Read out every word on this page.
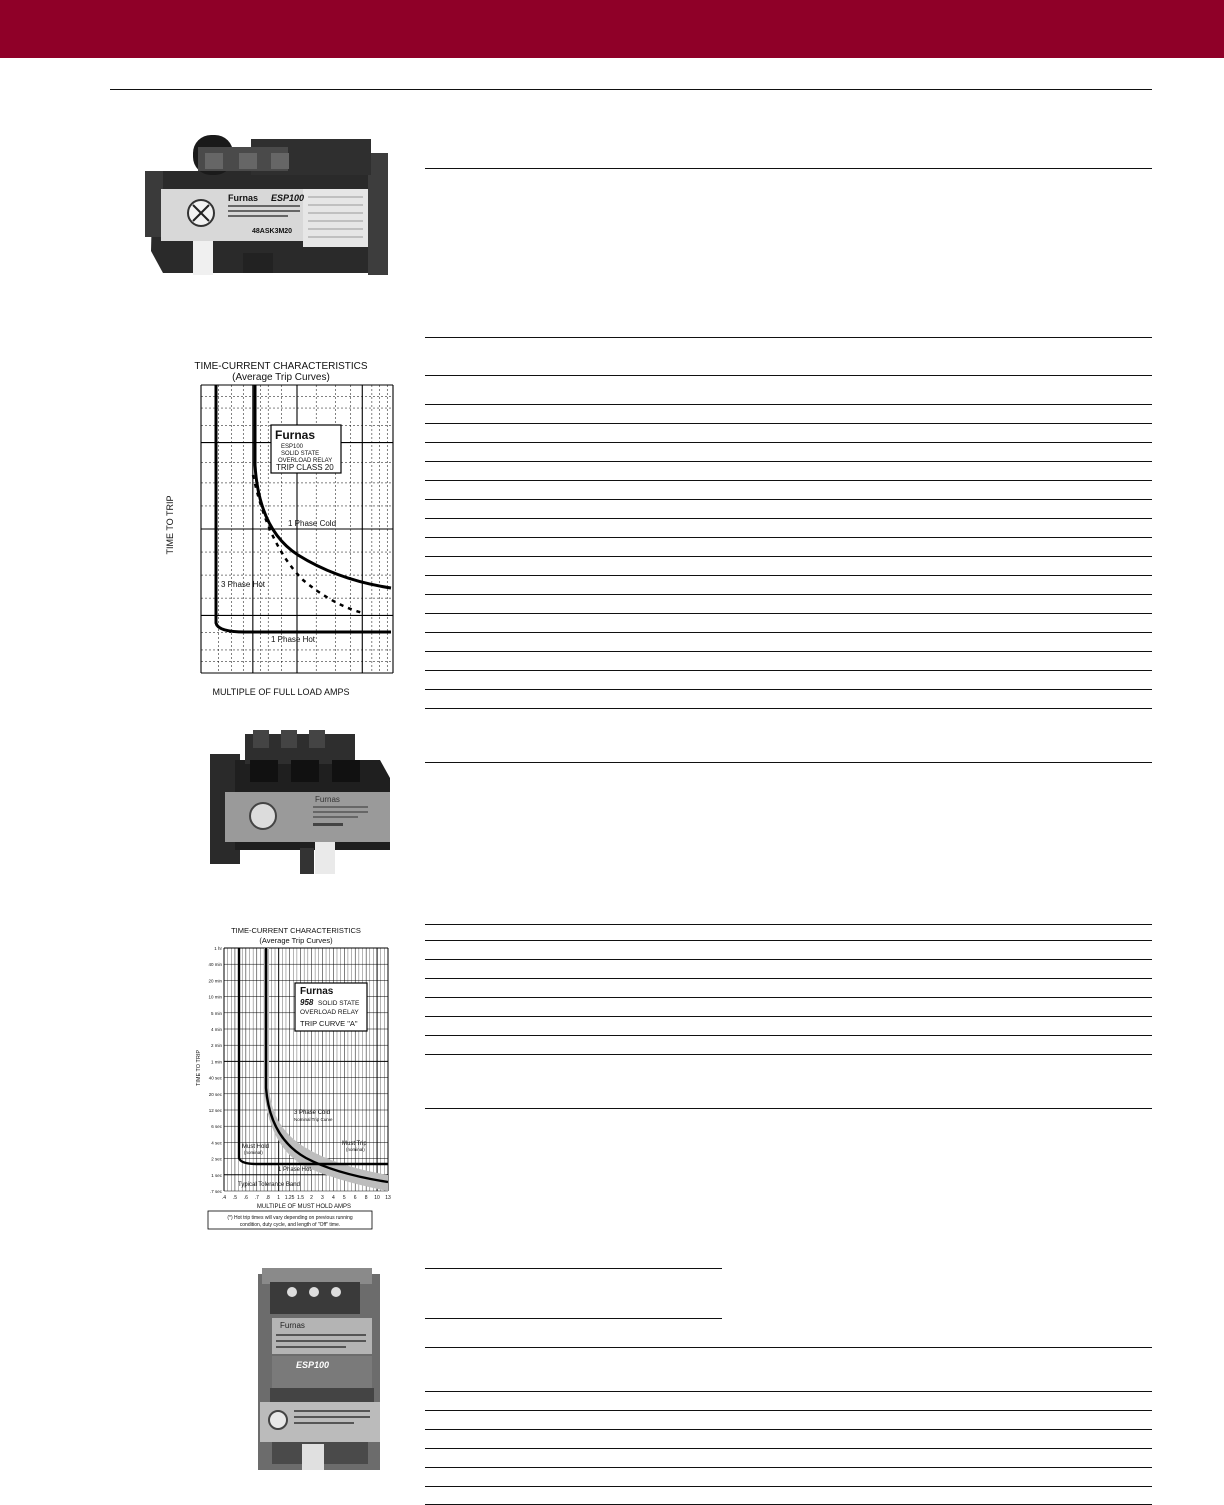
Furnas ESP100
48ASK3M20
Furnas
Furnas
ESP100
TIME-CURRENT CHARACTERISTICS
(Average Trip Curves)
Furnas
ESP100
SOLID STATE
OVERLOAD RELAY
TRIP CLASS 20
1 Phase Cold
3 Phase Hot
1 Phase Hot
TIME TO TRIP
MULTIPLE OF FULL LOAD AMPS
TIME-CURRENT CHARACTERISTICS
(Average Trip Curves)
1 hr
40 min
20 min
10 min
5 min
4 min
2 min
1 min
40 sec
20 sec
12 sec
6 sec
4 sec
2 sec
1 sec
.7 sec
.4 .5 .6 .7 .8 1 1.25 1.5 2 3 4 5 6 8 10 13
Furnas
958 SOLID STATE
OVERLOAD RELAY
TRIP CURVE "A"
3 Phase Cold
Nominal Trip Curve
Must Trip
(nominal)
Must Hold
(nominal)
1 Phase Hot
Typical Tolerance Band
TIME TO TRIP
MULTIPLE OF MUST HOLD AMPS
(*) Hot trip times will vary depending on previous running
condition, duty cycle, and length of "Off" time.
